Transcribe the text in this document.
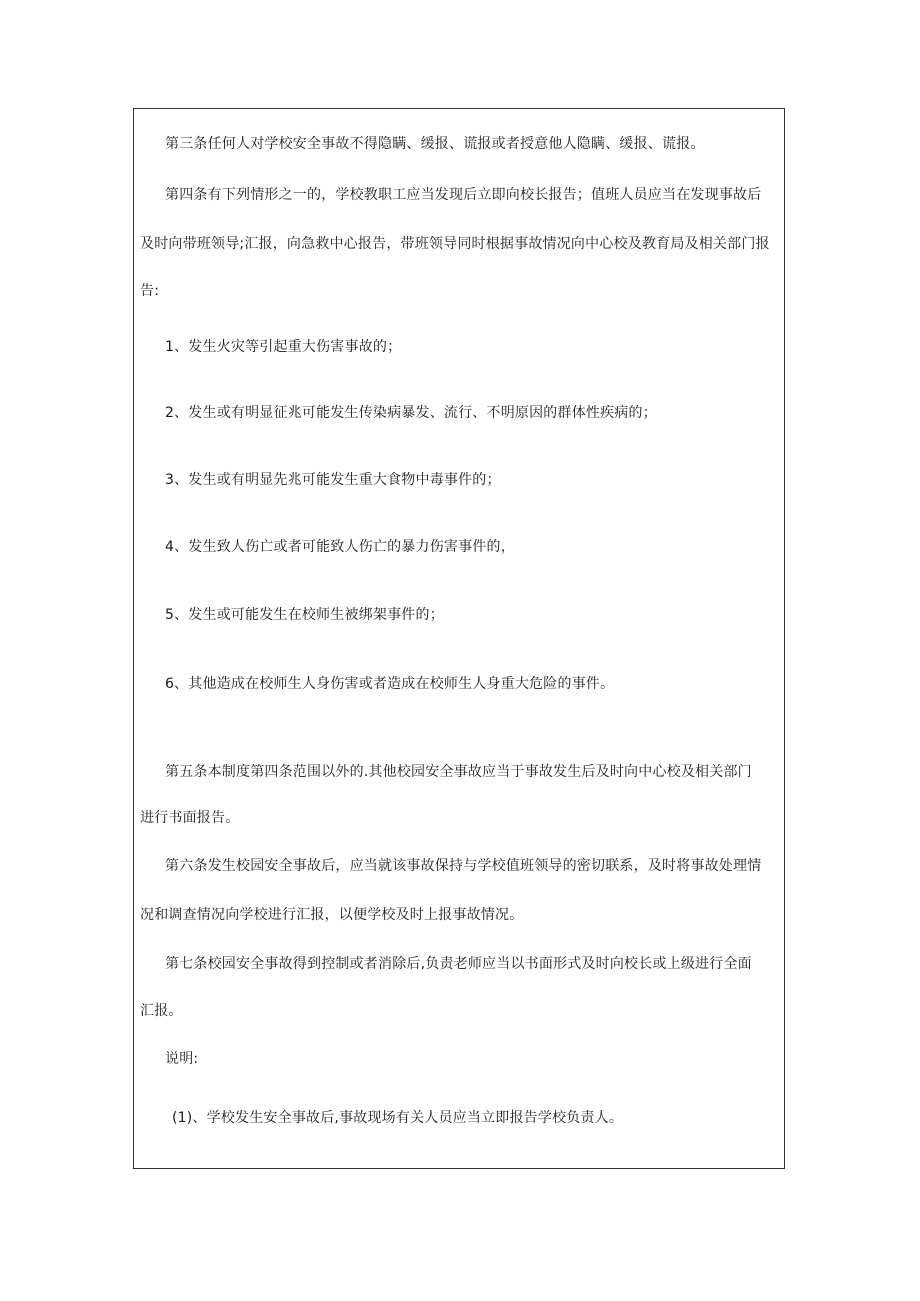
第三条任何人对学校安全事故不得隐瞒、缓报、谎报或者授意他人隐瞒、缓报、谎报。
第四条有下列情形之一的，学校教职工应当发现后立即向校长报告；值班人员应当在发现事故后
及时向带班领导;汇报，向急救中心报告，带班领导同时根据事故情况向中心校及教育局及相关部门报
告:
1、发生火灾等引起重大伤害事故的；
2、发生或有明显征兆可能发生传染病暴发、流行、不明原因的群体性疾病的；
3、发生或有明显先兆可能发生重大食物中毒事件的；
4、发生致人伤亡或者可能致人伤亡的暴力伤害事件的，
5、发生或可能发生在校师生被绑架事件的；
6、其他造成在校师生人身伤害或者造成在校师生人身重大危险的事件。
第五条本制度第四条范围以外的.其他校园安全事故应当于事故发生后及时向中心校及相关部门
进行书面报告。
第六条发生校园安全事故后，应当就该事故保持与学校值班领导的密切联系，及时将事故处理情
况和调查情况向学校进行汇报，以便学校及时上报事故情况。
第七条校园安全事故得到控制或者消除后,负责老师应当以书面形式及时向校长或上级进行全面
汇报。
说明:
(1)、学校发生安全事故后,事故现场有关人员应当立即报告学校负责人。
